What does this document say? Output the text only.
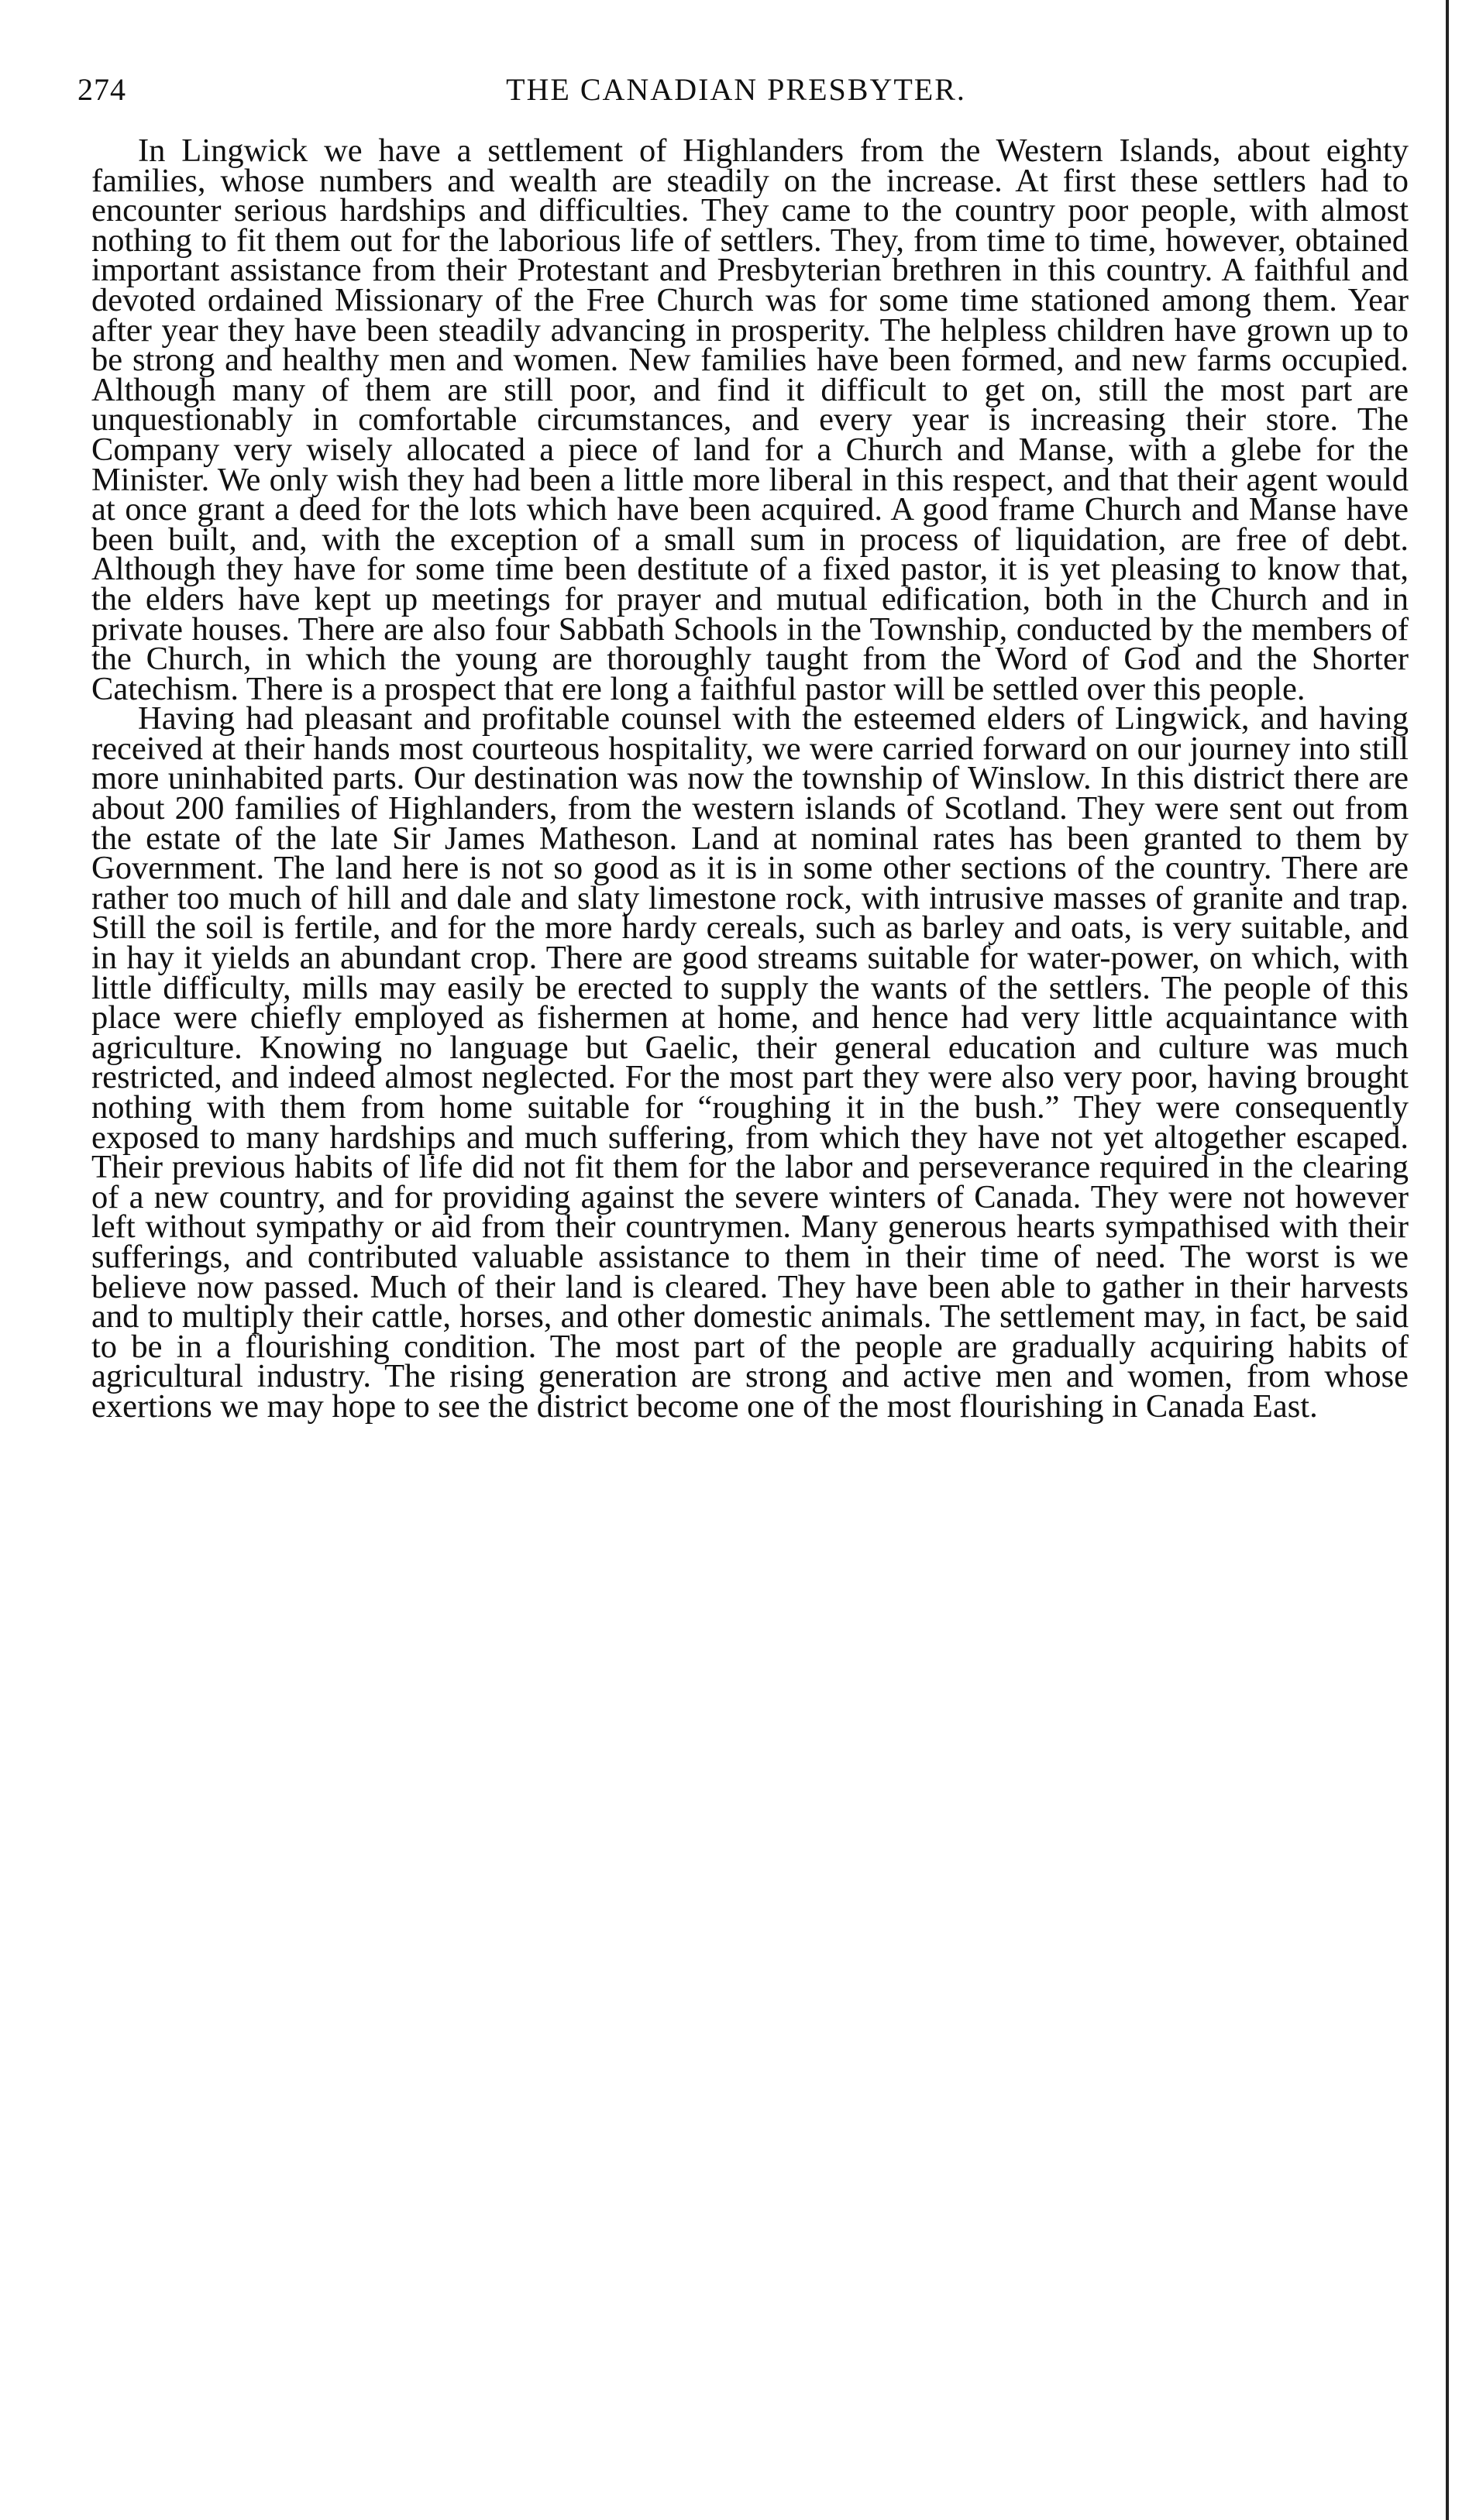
274	THE CANADIAN PRESBYTER.

In Lingwick we have a settlement of Highlanders from the Western Islands, about eighty families, whose numbers and wealth are steadily on the increase. At first these settlers had to encounter serious hardships and difficulties. They came to the country poor people, with almost nothing to fit them out for the laborious life of settlers. They, from time to time, however, obtained important assistance from their Protestant and Presbyterian brethren in this country. A faithful and devoted ordained Missionary of the Free Church was for some time stationed among them. Year after year they have been steadily advancing in prosperity. The helpless children have grown up to be strong and healthy men and women. New families have been formed, and new farms occupied. Although many of them are still poor, and find it difficult to get on, still the most part are unquestionably in comfortable circumstances, and every year is increasing their store. The Company very wisely allocated a piece of land for a Church and Manse, with a glebe for the Minister. We only wish they had been a little more liberal in this respect, and that their agent would at once grant a deed for the lots which have been acquired. A good frame Church and Manse have been built, and, with the exception of a small sum in process of liquidation, are free of debt. Although they have for some time been destitute of a fixed pastor, it is yet pleasing to know that, the elders have kept up meetings for prayer and mutual edification, both in the Church and in private houses. There are also four Sabbath Schools in the Township, conducted by the members of the Church, in which the young are thoroughly taught from the Word of God and the Shorter Catechism. There is a prospect that ere long a faithful pastor will be settled over this people.

Having had pleasant and profitable counsel with the esteemed elders of Lingwick, and having received at their hands most courteous hospitality, we were carried forward on our journey into still more uninhabited parts. Our destination was now the township of Winslow. In this district there are about 200 families of Highlanders, from the western islands of Scotland. They were sent out from the estate of the late Sir James Matheson. Land at nominal rates has been granted to them by Government. The land here is not so good as it is in some other sections of the country. There are rather too much of hill and dale and slaty limestone rock, with intrusive masses of granite and trap. Still the soil is fertile, and for the more hardy cereals, such as barley and oats, is very suitable, and in hay it yields an abundant crop. There are good streams suitable for water-power, on which, with little difficulty, mills may easily be erected to supply the wants of the settlers. The people of this place were chiefly employed as fishermen at home, and hence had very little acquaintance with agriculture. Knowing no language but Gaelic, their general education and culture was much restricted, and indeed almost neglected. For the most part they were also very poor, having brought nothing with them from home suitable for “roughing it in the bush.” They were consequently exposed to many hardships and much suffering, from which they have not yet altogether escaped. Their previous habits of life did not fit them for the labor and perseverance required in the clearing of a new country, and for providing against the severe winters of Canada. They were not however left without sympathy or aid from their countrymen. Many generous hearts sympathised with their sufferings, and contributed valuable assistance to them in their time of need. The worst is we believe now passed. Much of their land is cleared. They have been able to gather in their harvests and to multiply their cattle, horses, and other domestic animals. The settlement may, in fact, be said to be in a flourishing condition. The most part of the people are gradually acquiring habits of agricultural industry. The rising generation are strong and active men and women, from whose exertions we may hope to see the district become one of the most flourishing in Canada East.
